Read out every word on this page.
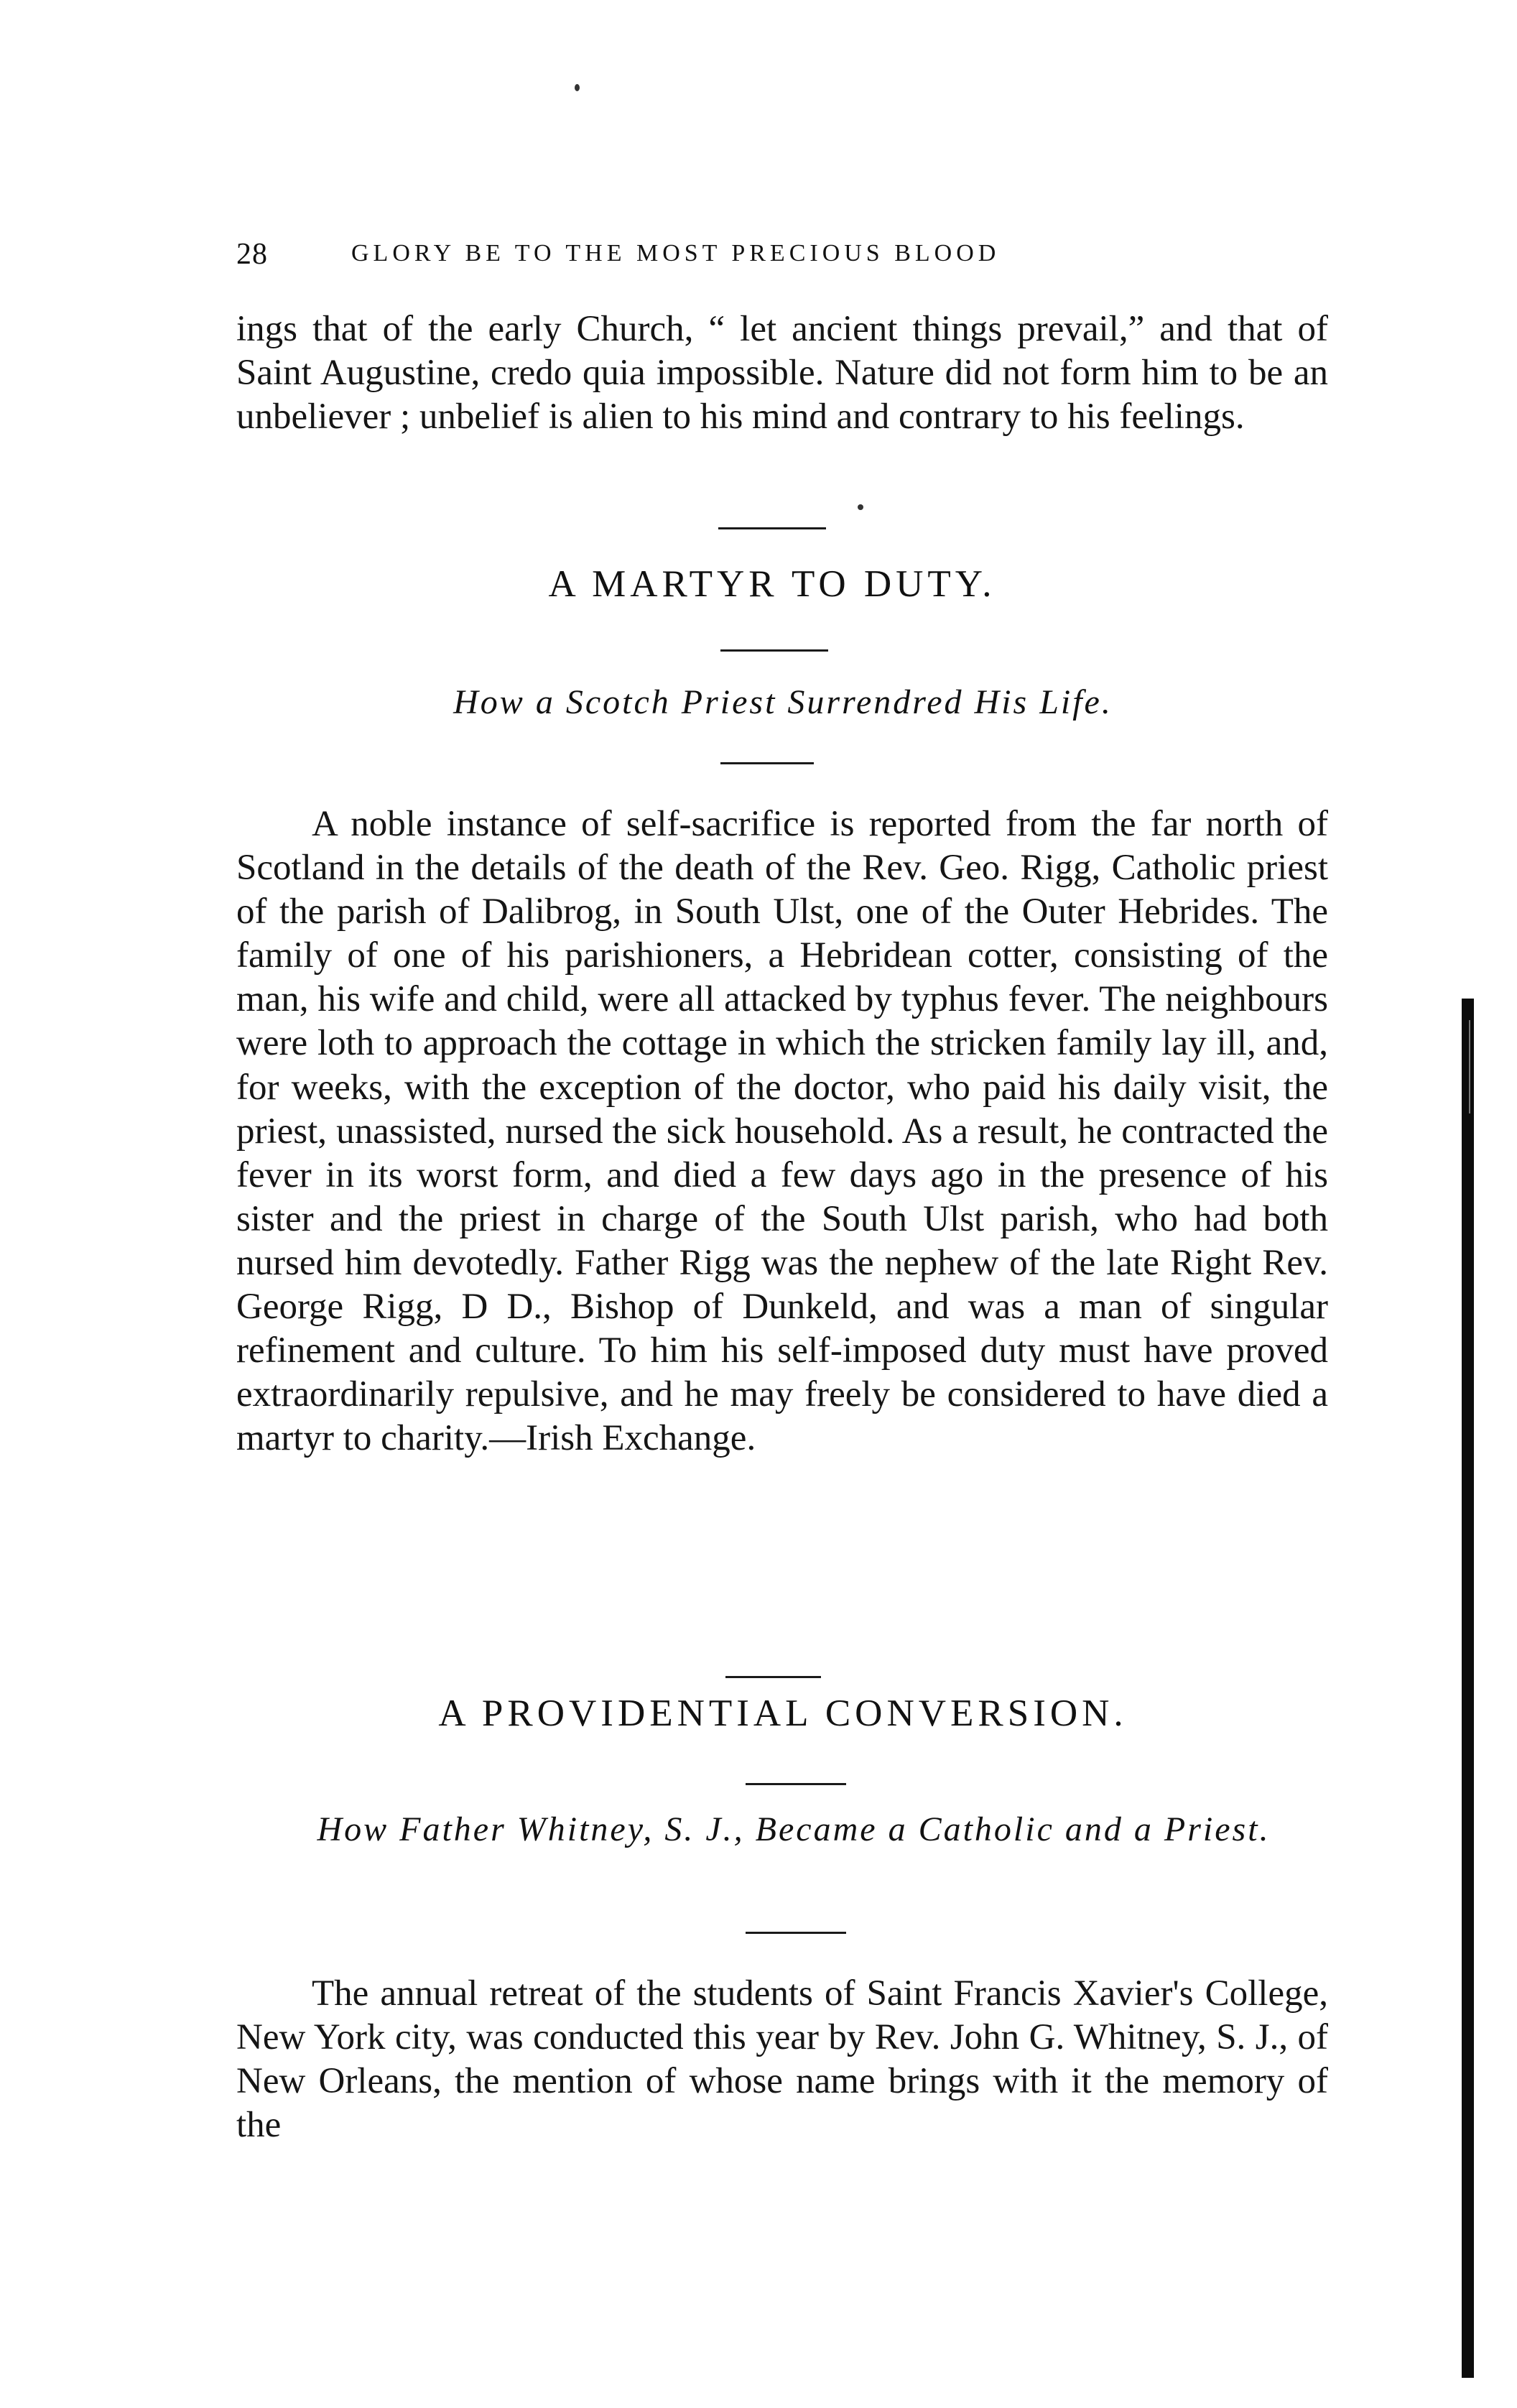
28	GLORY BE TO THE MOST PRECIOUS BLOOD

ings that of the early Church, “ let ancient things prevail,” and that of Saint Augustine, credo quia impossible. Nature did not form him to be an unbeliever ; unbelief is alien to his mind and contrary to his feelings.

A MARTYR TO DUTY.
How a Scotch Priest Surrendred His Life.

A noble instance of self-sacrifice is reported from the far north of Scotland in the details of the death of the Rev. Geo. Rigg, Catholic priest of the parish of Dalibrog, in South Ulst, one of the Outer Hebrides. The family of one of his parishioners, a Hebridean cotter, consisting of the man, his wife and child, were all attacked by typhus fever. The neighbours were loth to approach the cottage in which the stricken family lay ill, and, for weeks, with the exception of the doctor, who paid his daily visit, the priest, unassisted, nursed the sick household. As a result, he contracted the fever in its worst form, and died a few days ago in the presence of his sister and the priest in charge of the South Ulst parish, who had both nursed him devotedly. Father Rigg was the nephew of the late Right Rev. George Rigg, D D., Bishop of Dunkeld, and was a man of singular refinement and culture. To him his self-imposed duty must have proved extraordinarily repulsive, and he may freely be considered to have died a martyr to charity.—Irish Exchange.

A PROVIDENTIAL CONVERSION.
How Father Whitney, S. J., Became a Catholic and a Priest.

The annual retreat of the students of Saint Francis Xavier's College, New York city, was conducted this year by Rev. John G. Whitney, S. J., of New Orleans, the mention of whose name brings with it the memory of the
